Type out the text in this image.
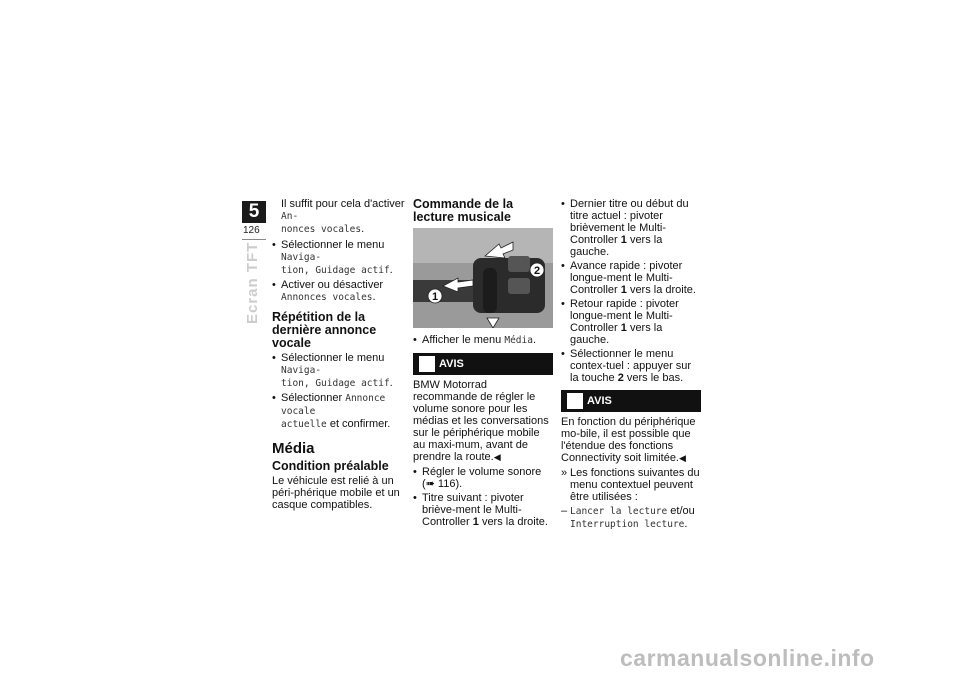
5
126
Ecran TFT

Il suffit pour cela d'activer An-
nonces vocales.

• Sélectionner le menu Naviga-
tion, Guidage actif.
• Activer ou désactiver
Annonces vocales.
Répétition de la dernière annonce vocale
• Sélectionner le menu Naviga-
tion, Guidage actif.
• Sélectionner Annonce vocale
actuelle et confirmer.
Média
Condition préalable

Le véhicule est relié à un péri-phérique mobile et un casque compatibles.

Commande de la lecture musicale
2
1
• Afficher le menu Média.
AVIS

BMW Motorrad recommande de régler le volume sonore pour les médias et les conversations sur le périphérique mobile au maxi-mum, avant de prendre la route.◀

• Régler le volume sonore
(➠ 116).
• Titre suivant : pivoter briève-ment le Multi-Controller 1 vers la droite.
• Dernier titre ou début du titre actuel : pivoter brièvement le Multi-Controller 1 vers la gauche.
• Avance rapide : pivoter longue-ment le Multi-Controller 1 vers la droite.
• Retour rapide : pivoter longue-ment le Multi-Controller 1 vers la gauche.
• Sélectionner le menu contex-tuel : appuyer sur la touche 2 vers le bas.
AVIS

En fonction du périphérique mo-bile, il est possible que l'étendue des fonctions Connectivity soit limitée.◀

» Les fonctions suivantes du menu contextuel peuvent être utilisées :
– Lancer la lecture et/ou
Interruption lecture.
carmanualsonline.info
